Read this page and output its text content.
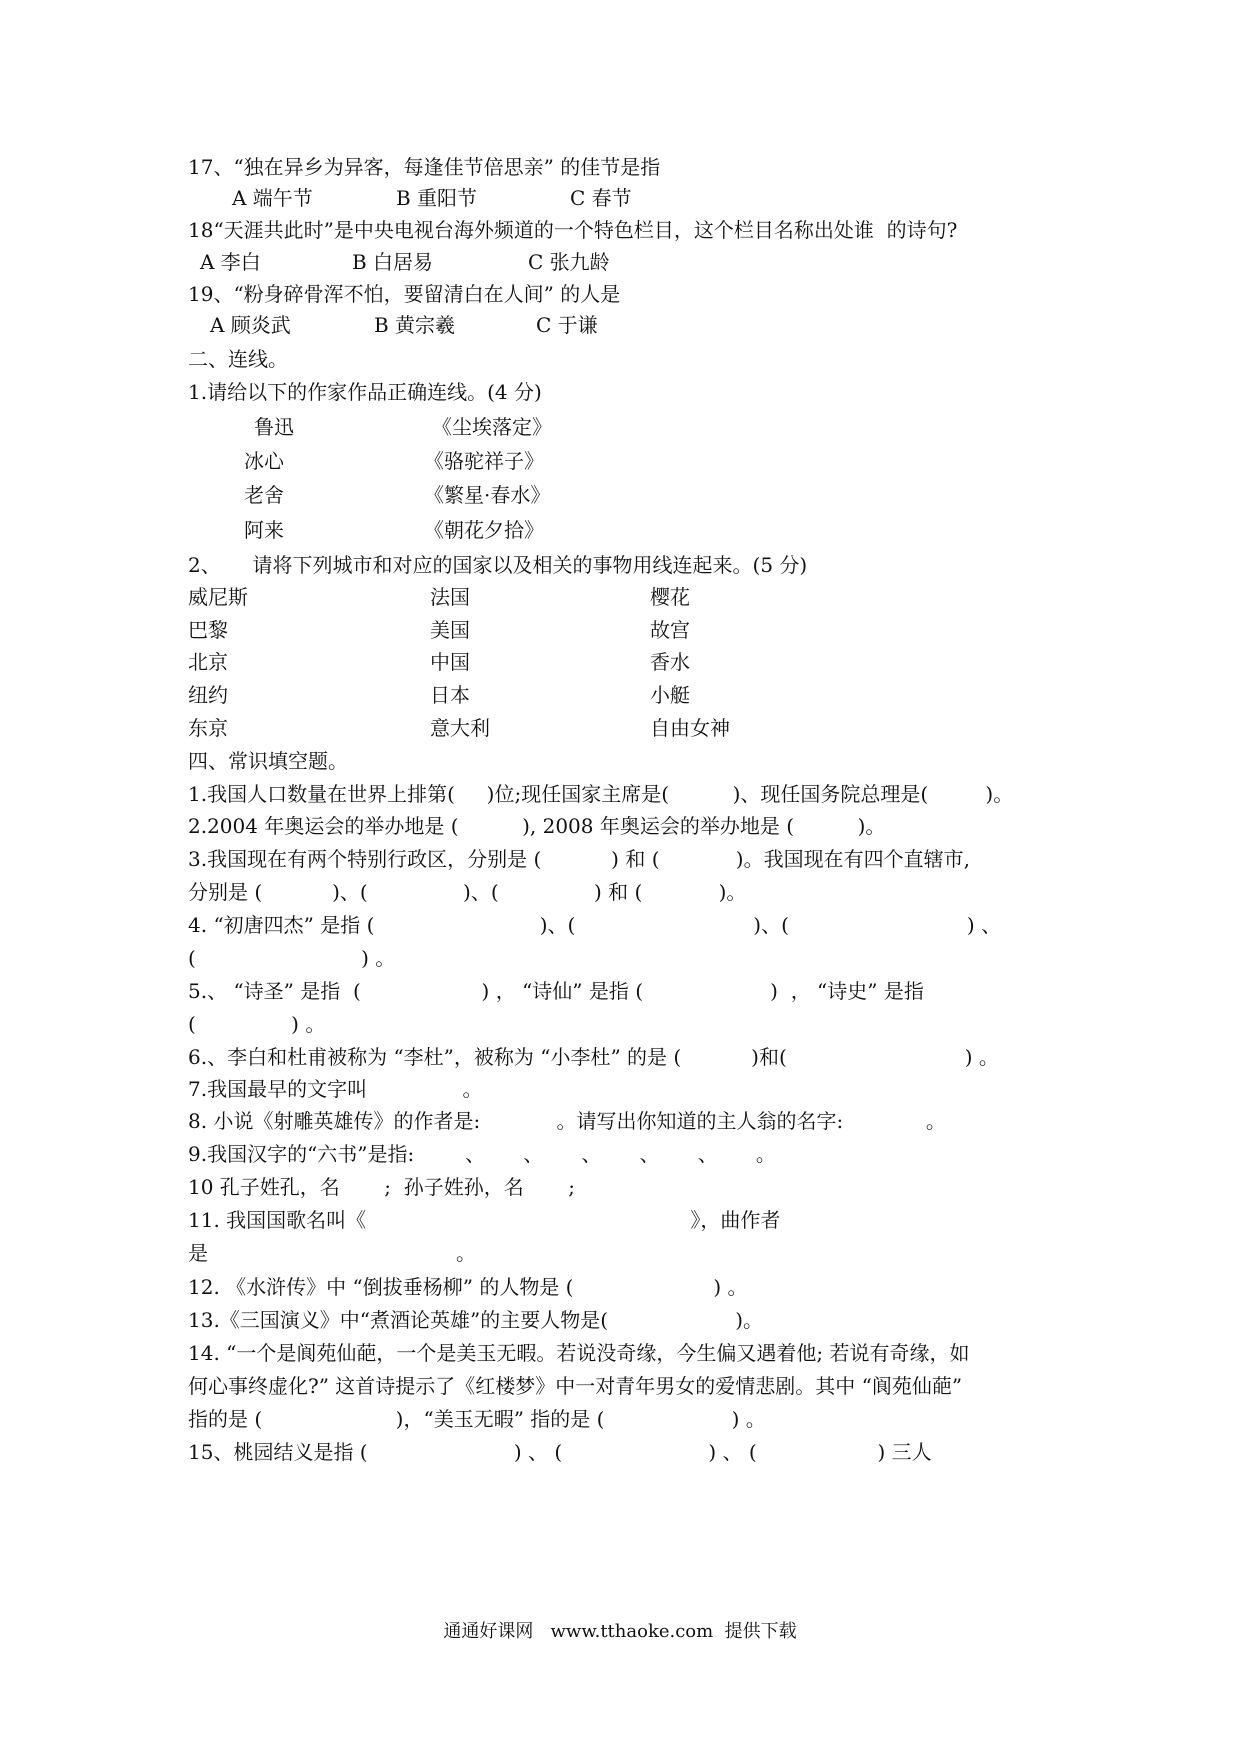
17、“独在异乡为异客，每逢佳节倍思亲” 的佳节是指
A 端午节	B 重阳节	C 春节
18“天涯共此时”是中央电视台海外频道的一个特色栏目，这个栏目名称出处谁  的诗句?
A 李白	B 白居易	C 张九龄
19、“粉身碎骨浑不怕，要留清白在人间” 的人是
A 顾炎武	B 黄宗羲	C 于谦
二、连线。
1.请给以下的作家作品正确连线。(4 分)
鲁迅	《尘埃落定》
冰心	《骆驼祥子》
老舍	《繁星·春水》
阿来	《朝花夕拾》
2、     请将下列城市和对应的国家以及相关的事物用线连起来。(5 分)
威尼斯	法国	樱花
巴黎	美国	故宫
北京	中国	香水
纽约	日本	小艇
东京	意大利	自由女神
四、常识填空题。
1.我国人口数量在世界上排第(     )位;现任国家主席是(          )、现任国务院总理是(         )。
2.2004 年奥运会的举办地是 (          ), 2008 年奥运会的举办地是 (          )。
3.我国现在有两个特别行政区，分别是 (           ) 和 (            )。我国现在有四个直辖市,
分别是 (           )、(               )、(               ) 和 (            )。
4. “初唐四杰” 是指 (                          )、(                            )、(                            ) 、
(                          ) 。
5.、 “诗圣” 是指  (                   ) ， “诗仙” 是指 (                    )  ， “诗史” 是指
(               ) 。
6.、李白和杜甫被称为 “李杜”，被称为 “小李杜” 的是 (           )和(                            ) 。
7.我国最早的文字叫               。
8. 小说《射雕英雄传》的作者是:            。请写出你知道的主人翁的名字:             。
9.我国汉字的“六书”是指:        、      、      、      、      、      。
10 孔子姓孔，名       ;  孙子姓孙，名       ;
11. 我国国歌名叫《                                                   》，曲作者
是                                       。
12. 《水浒传》中 “倒拔垂杨柳” 的人物是 (                      ) 。
13.《三国演义》中“煮酒论英雄”的主要人物是(                    )。
14. “一个是阆苑仙葩，一个是美玉无暇。若说没奇缘，今生偏又遇着他; 若说有奇缘，如
何心事终虚化?” 这首诗提示了《红楼梦》中一对青年男女的爱情悲剧。其中 “阆苑仙葩”
指的是 (                     )，“美玉无暇” 指的是 (                    ) 。
15、桃园结义是指 (                       ) 、 (                       ) 、 (                   ) 三人
通通好课网   www.tthaoke.com  提供下载
